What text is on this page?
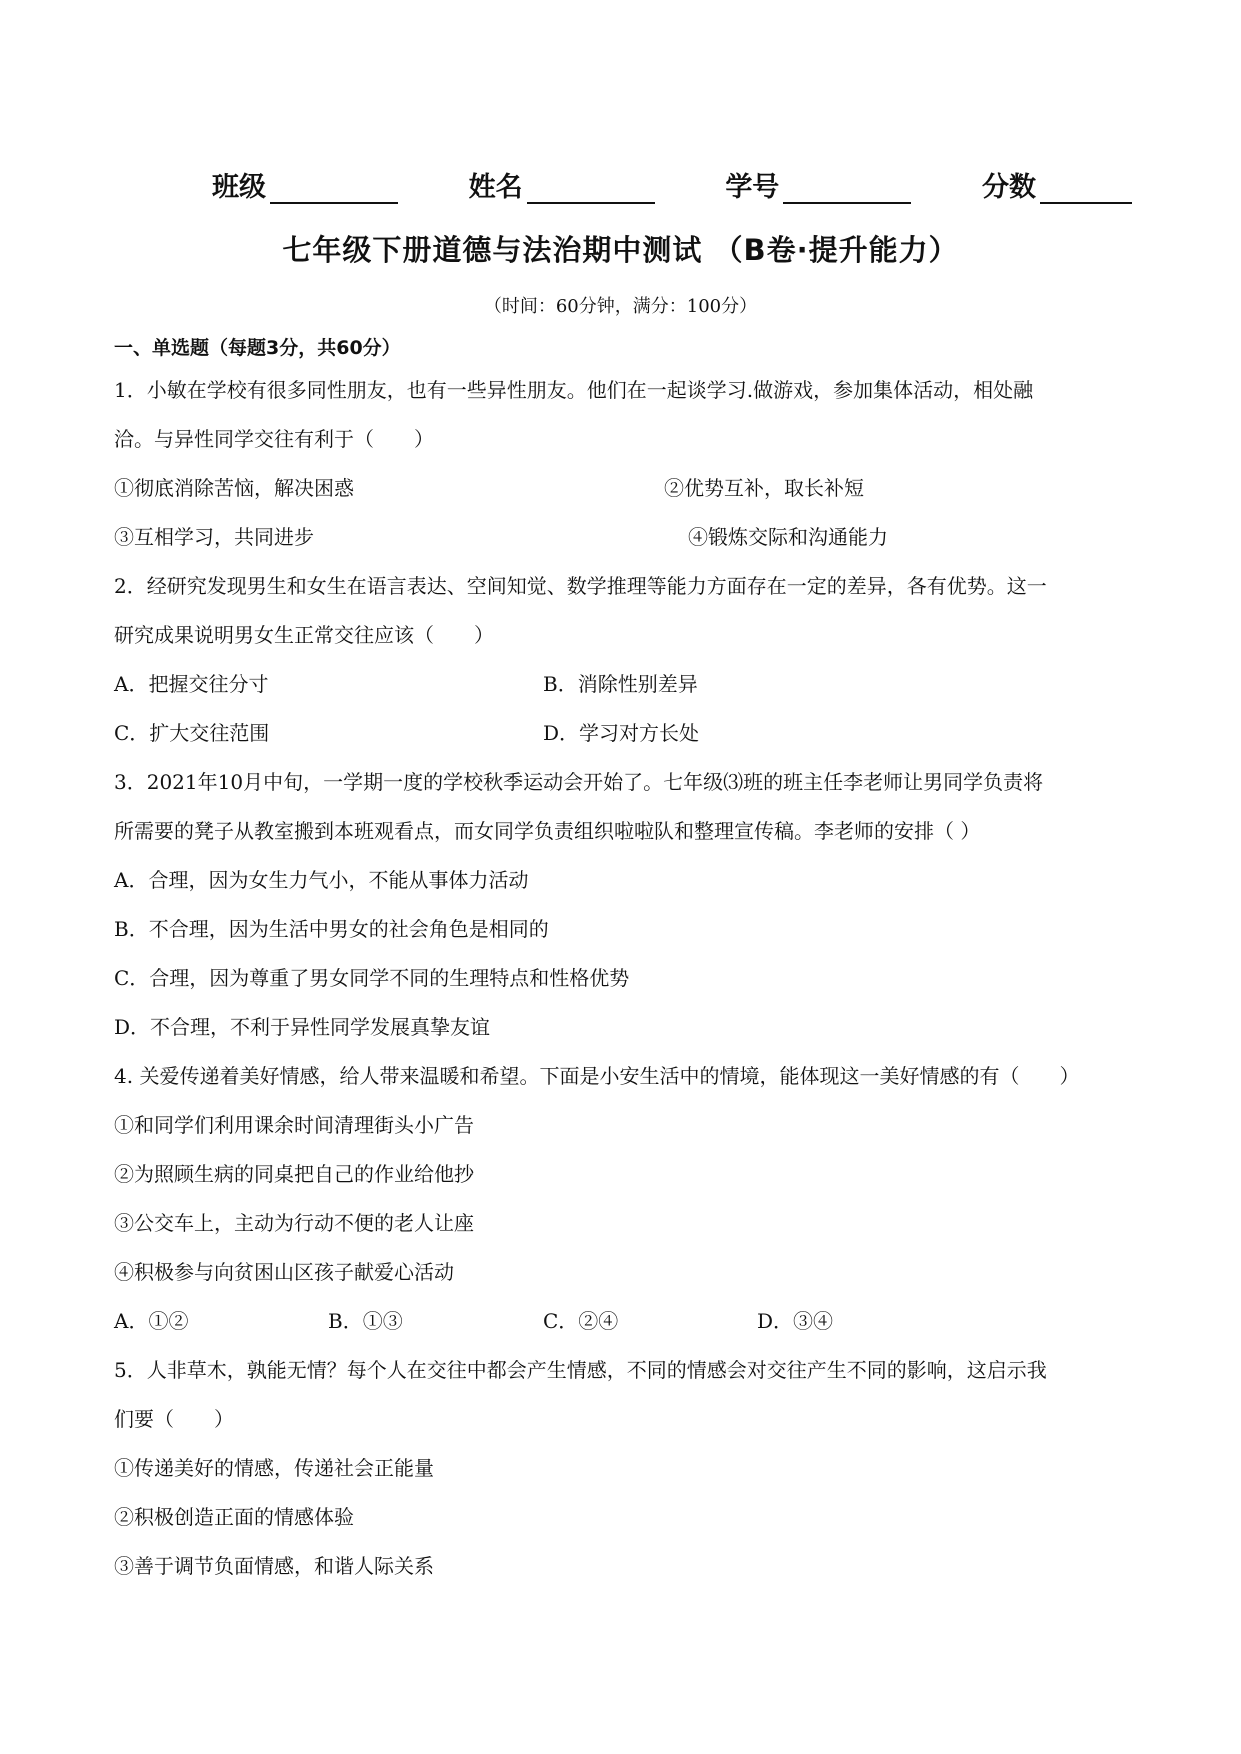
班级	姓名	学号	分数
七年级下册道德与法治期中测试 （B卷·提升能力）
（时间：60分钟，满分：100分）
一、单选题（每题3分，共60分）
1．小敏在学校有很多同性朋友，也有一些异性朋友。他们在一起谈学习.做游戏，参加集体活动，相处融
洽。与异性同学交往有利于（　　）
①彻底消除苦恼，解决困惑	②优势互补，取长补短
③互相学习，共同进步	④锻炼交际和沟通能力
2．经研究发现男生和女生在语言表达、空间知觉、数学推理等能力方面存在一定的差异，各有优势。这一
研究成果说明男女生正常交往应该（　　）
A．把握交往分寸	B．消除性别差异
C．扩大交往范围	D．学习对方长处
3．2021年10月中旬，一学期一度的学校秋季运动会开始了。七年级⑶班的班主任李老师让男同学负责将
所需要的凳子从教室搬到本班观看点，而女同学负责组织啦啦队和整理宣传稿。李老师的安排（ ）
A．合理，因为女生力气小，不能从事体力活动
B．不合理，因为生活中男女的社会角色是相同的
C．合理，因为尊重了男女同学不同的生理特点和性格优势
D．不合理，不利于异性同学发展真挚友谊
4. 关爱传递着美好情感，给人带来温暖和希望。下面是小安生活中的情境，能体现这一美好情感的有（　　）
①和同学们利用课余时间清理街头小广告
②为照顾生病的同桌把自己的作业给他抄
③公交车上，主动为行动不便的老人让座
④积极参与向贫困山区孩子献爱心活动
A．①②	B．①③	C．②④	D．③④
5．人非草木，孰能无情？每个人在交往中都会产生情感，不同的情感会对交往产生不同的影响，这启示我
们要（　　）
①传递美好的情感，传递社会正能量
②积极创造正面的情感体验
③善于调节负面情感，和谐人际关系
